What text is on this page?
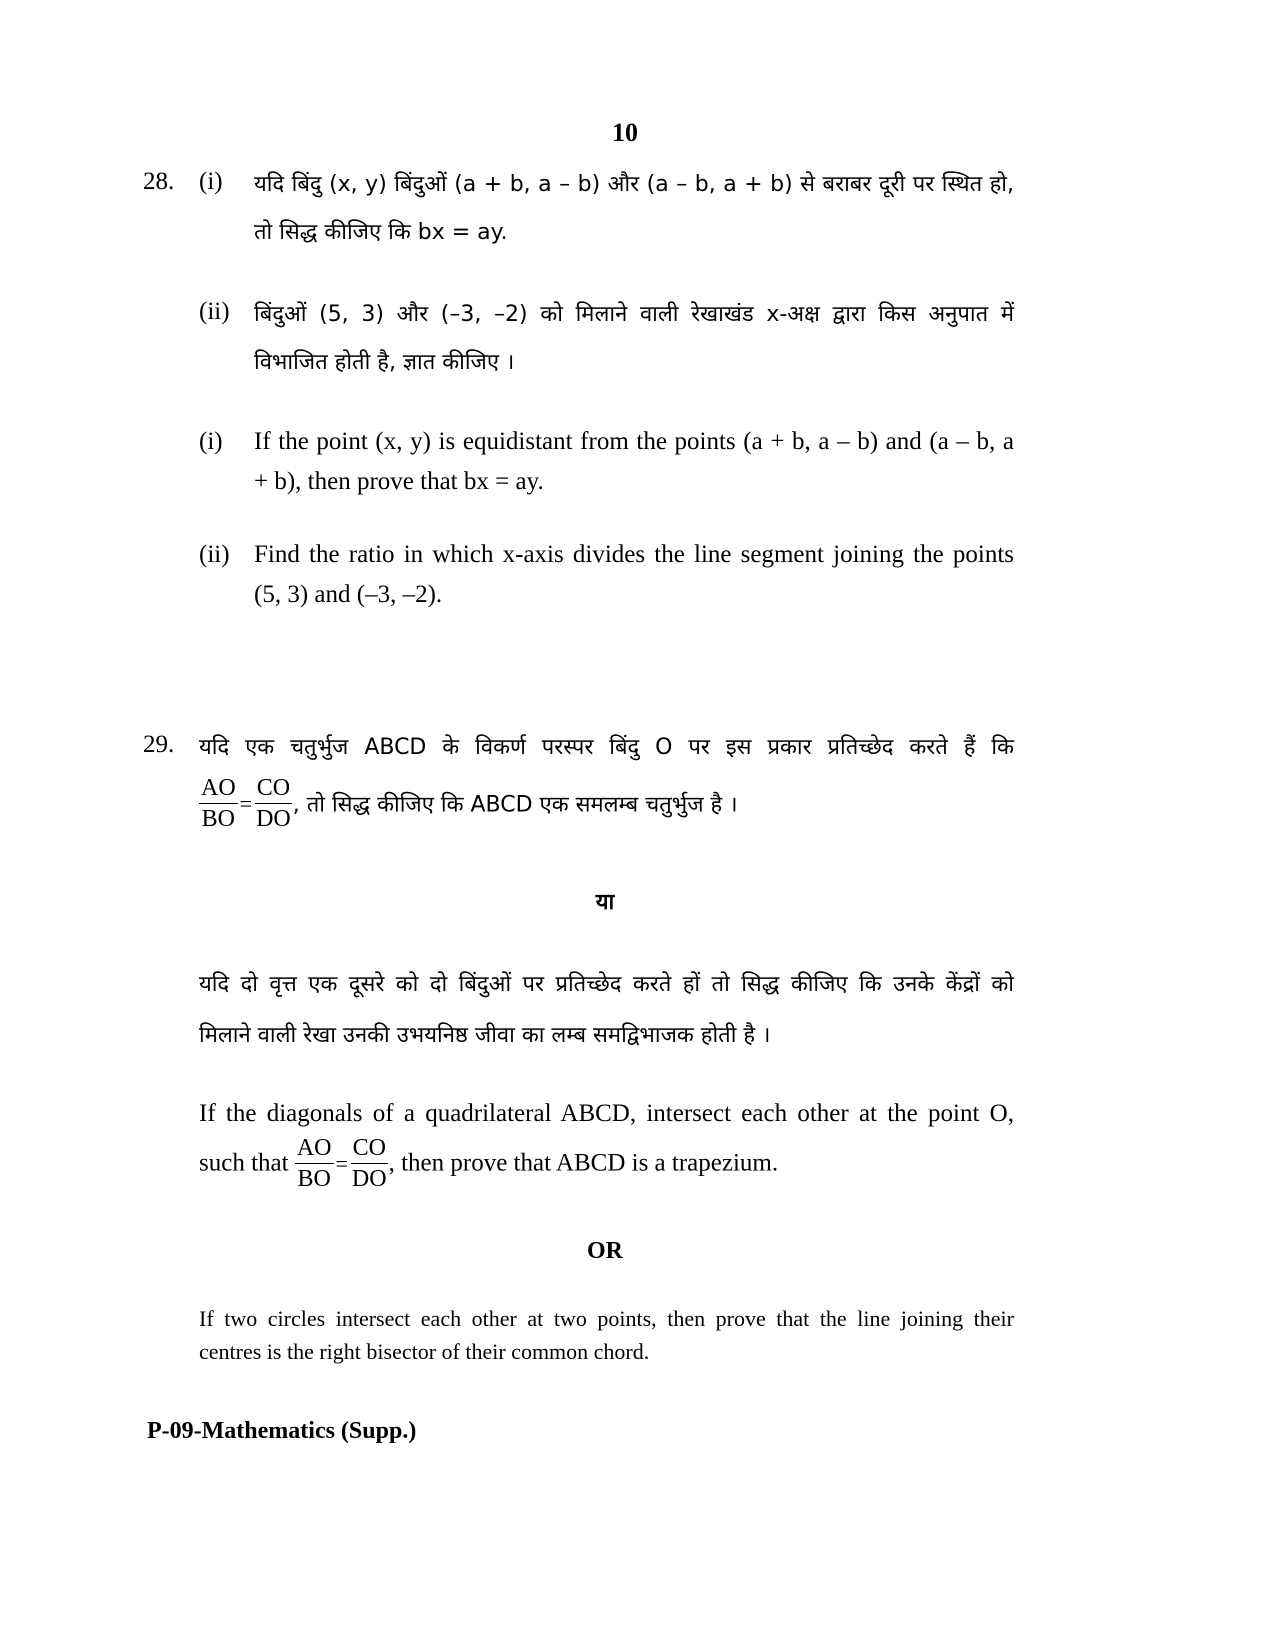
10
28. (i) यदि बिंदु (x, y) बिंदुओं (a + b, a – b) और (a – b, a + b) से बराबर दूरी पर स्थित हो,
तो सिद्ध कीजिए कि bx = ay.
(ii) बिंदुओं (5, 3) और (–3, –2) को मिलाने वाली रेखाखंड x-अक्ष द्वारा किस अनुपात में
विभाजित होती है, ज्ञात कीजिए ।
(i) If the point (x, y) is equidistant from the points (a + b, a – b) and (a – b, a
+ b), then prove that bx = ay.
(ii) Find the ratio in which x-axis divides the line segment joining the points
(5, 3) and (–3, –2).
29. यदि एक चतुर्भुज ABCD के विकर्ण परस्पर बिंदु O पर इस प्रकार प्रतिच्छेद करते हैं कि
$\frac{AO}{BO} = \frac{CO}{DO}$ , तो सिद्ध कीजिए कि ABCD एक समलम्ब चतुर्भुज है ।
या
यदि दो वृत्त एक दूसरे को दो बिंदुओं पर प्रतिच्छेद करते हों तो सिद्ध कीजिए कि उनके केंद्रों को
मिलाने वाली रेखा उनकी उभयनिष्ठ जीवा का लम्ब समद्विभाजक होती है ।
If the diagonals of a quadrilateral ABCD, intersect each other at the point O,
such that $\frac{AO}{BO} = \frac{CO}{DO}$ , then prove that ABCD is a trapezium.
OR
If two circles intersect each other at two points, then prove that the line joining their
centres is the right bisector of their common chord.
P-09-Mathematics (Supp.)
